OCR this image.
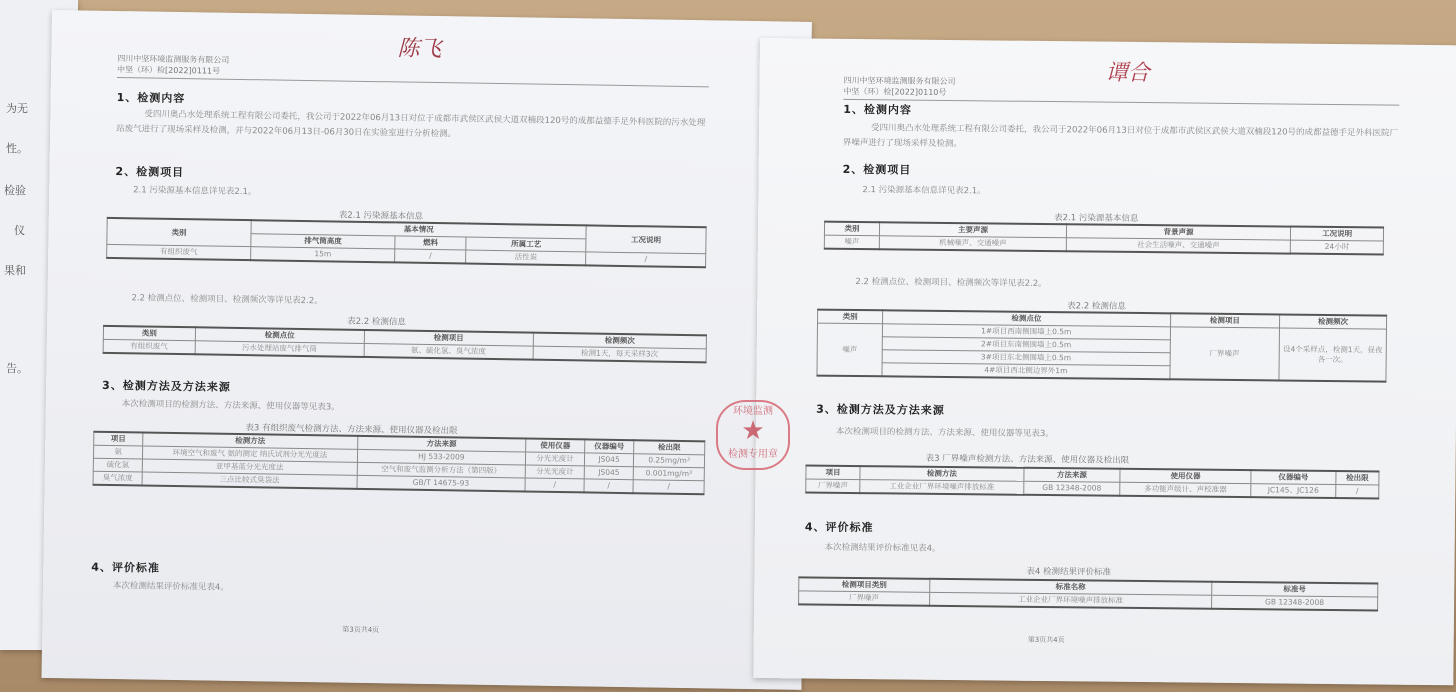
为无
性。
检验
仪
果和
告。
四川中坚环境监测服务有限公司
中坚（环）检[2022]0111号
陈飞
1、检测内容
受四川奥凸水处理系统工程有限公司委托，我公司于2022年06月13日对位于成都市武侯区武侯大道双楠段120号的成都益德手足外科医院的污水处理站废气进行了现场采样及检测，并与2022年06月13日-06月30日在实验室进行分析检测。
2、检测项目
2.1 污染源基本信息详见表2.1。
表2.1 污染源基本信息
类别	基本情况			工况说明
	排气筒高度	燃料	所属工艺	
有组织废气	15m	/	活性炭	/
2.2 检测点位、检测项目、检测频次等详见表2.2。
表2.2 检测信息
类别	检测点位	检测项目	检测频次
有组织废气	污水处理站废气排气筒	氨、硫化氢、臭气浓度	检测1天，每天采样3次
3、检测方法及方法来源
本次检测项目的检测方法、方法来源、使用仪器等见表3。
表3 有组织废气检测方法、方法来源、使用仪器及检出限
项目	检测方法	方法来源	使用仪器	仪器编号	检出限
氨	环境空气和废气 氨的测定 纳氏试剂分光光度法	HJ 533-2009	分光光度计	JS045	0.25mg/m³
硫化氢	亚甲基蓝分光光度法	空气和废气监测分析方法（第四版）	分光光度计	JS045	0.001mg/m³
臭气浓度	三点比较式臭袋法	GB/T 14675-93	/	/	/
4、评价标准
本次检测结果评价标准见表4。
第3页共4页
四川中坚环境监测服务有限公司
中坚（环）检[2022]0110号
谭合
1、检测内容
受四川奥凸水处理系统工程有限公司委托，我公司于2022年06月13日对位于成都市武侯区武侯大道双楠段120号的成都益德手足外科医院厂界噪声进行了现场采样及检测。
2、检测项目
2.1 污染源基本信息详见表2.1。
表2.1 污染源基本信息
类别	主要声源	背景声源	工况说明
噪声	机械噪声、交通噪声	社会生活噪声、交通噪声	24小时
2.2 检测点位、检测项目、检测频次等详见表2.2。
表2.2 检测信息
类别	检测点位	检测项目	检测频次
噪声	1#项目西南侧围墙上0.5m	厂界噪声	设4个采样点，检测1天，昼夜各一次。
	2#项目东南侧围墙上0.5m		
	3#项目东北侧围墙上0.5m		
	4#项目西北侧边界外1m		
3、检测方法及方法来源
本次检测项目的检测方法、方法来源、使用仪器等见表3。
表3 厂界噪声检测方法、方法来源、使用仪器及检出限
项目	检测方法	方法来源	使用仪器	仪器编号	检出限
厂界噪声	工业企业厂界环境噪声排放标准	GB 12348-2008	多功能声级计、声校准器	JC145、JC126	/
4、评价标准
本次检测结果评价标准见表4。
表4 检测结果评价标准
检测项目类别	标准名称	标准号
厂界噪声	工业企业厂界环境噪声排放标准	GB 12348-2008
第3页共4页
环境监测
★
检测专用章
